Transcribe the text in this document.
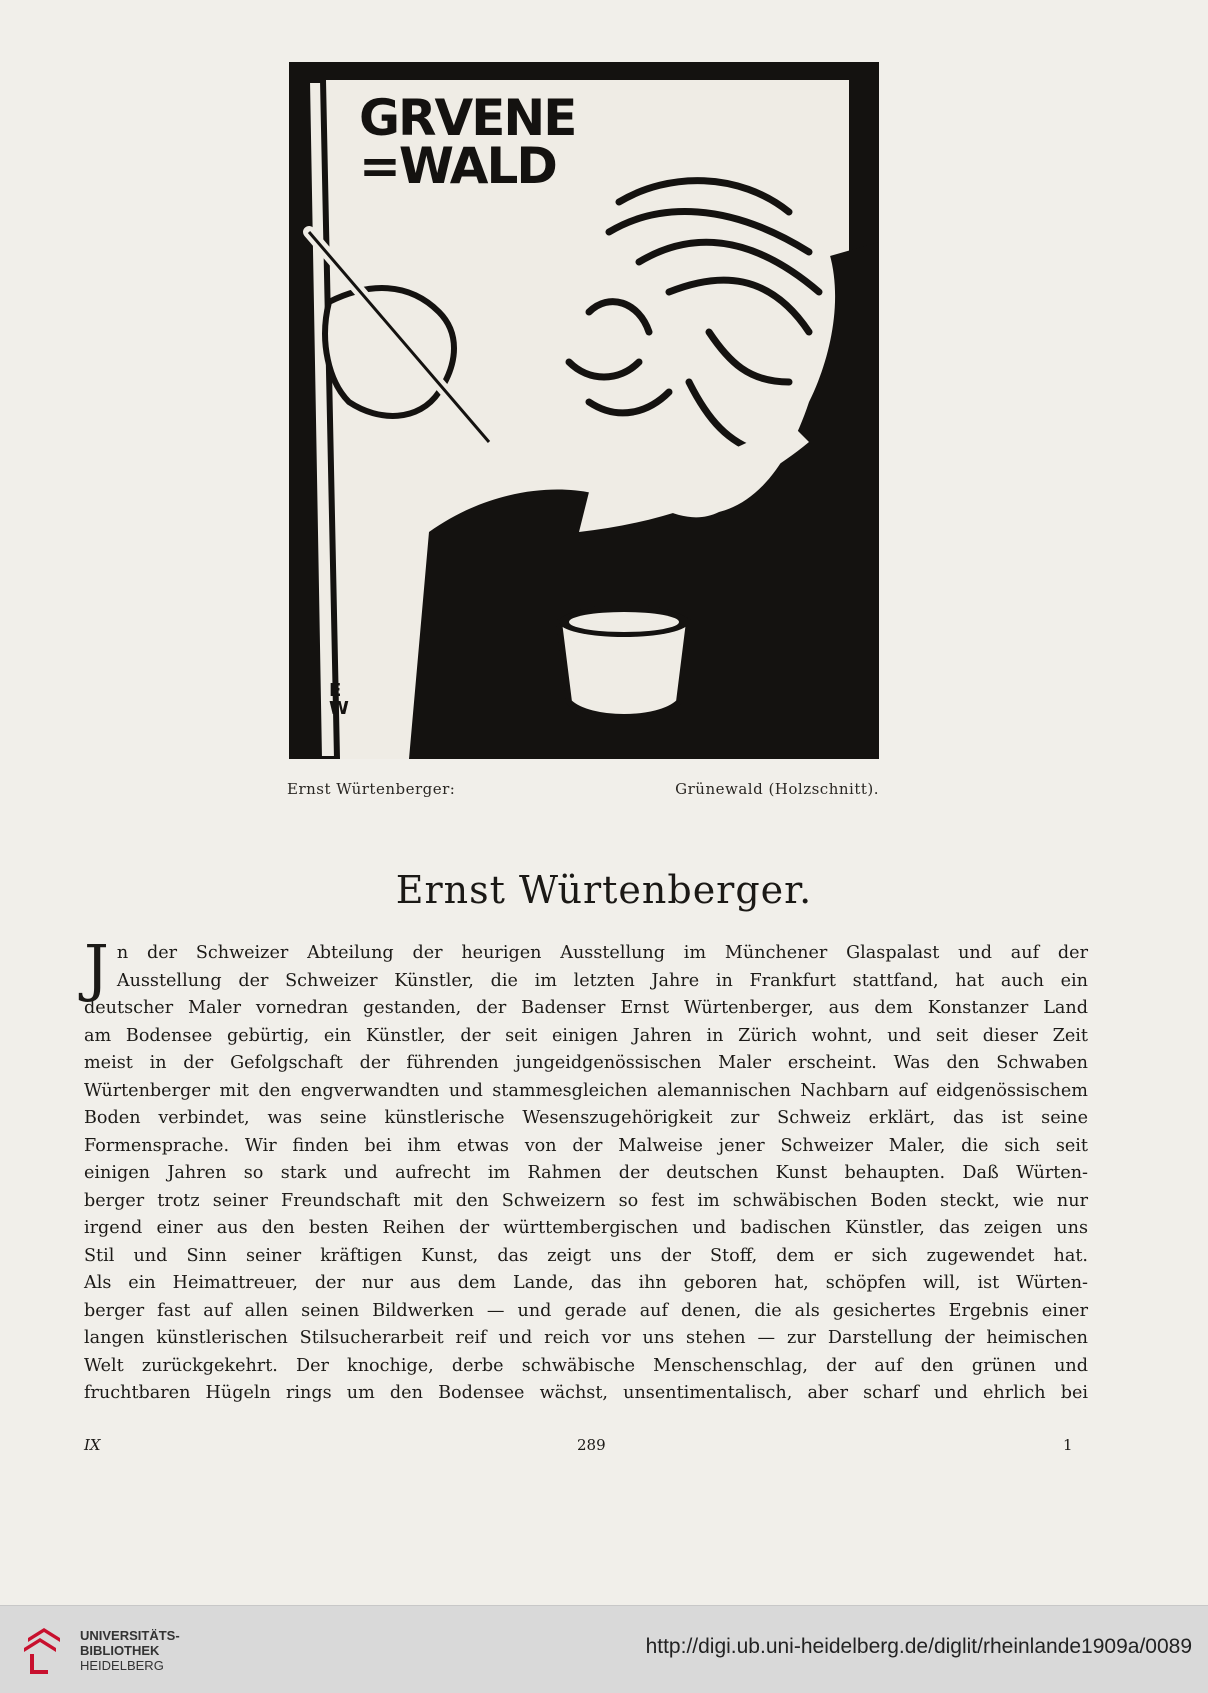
GRVENE
=WALD
E
W
Ernst Würtenberger:	Grünewald (Holzschnitt).
Ernst Würtenberger.
J n der Schweizer Abteilung der heurigen Ausstellung im Münchener Glaspalast und auf der
Ausstellung der Schweizer Künstler, die im letzten Jahre in Frankfurt stattfand, hat auch ein
deutscher Maler vornedran gestanden, der Badenser Ernst Würtenberger, aus dem Konstanzer Land
am Bodensee gebürtig, ein Künstler, der seit einigen Jahren in Zürich wohnt, und seit dieser Zeit
meist in der Gefolgschaft der führenden jungeidgenössischen Maler erscheint. Was den Schwaben
Würtenberger mit den engverwandten und stammesgleichen alemannischen Nachbarn auf eidgenössischem
Boden verbindet, was seine künstlerische Wesenszugehörigkeit zur Schweiz erklärt, das ist seine
Formensprache. Wir finden bei ihm etwas von der Malweise jener Schweizer Maler, die sich seit
einigen Jahren so stark und aufrecht im Rahmen der deutschen Kunst behaupten. Daß Würten-
berger trotz seiner Freundschaft mit den Schweizern so fest im schwäbischen Boden steckt, wie nur
irgend einer aus den besten Reihen der württembergischen und badischen Künstler, das zeigen uns
Stil und Sinn seiner kräftigen Kunst, das zeigt uns der Stoff, dem er sich zugewendet hat.
Als ein Heimattreuer, der nur aus dem Lande, das ihn geboren hat, schöpfen will, ist Würten-
berger fast auf allen seinen Bildwerken — und gerade auf denen, die als gesichertes Ergebnis einer
langen künstlerischen Stilsucherarbeit reif und reich vor uns stehen — zur Darstellung der heimischen
Welt zurückgekehrt. Der knochige, derbe schwäbische Menschenschlag, der auf den grünen und
fruchtbaren Hügeln rings um den Bodensee wächst, unsentimentalisch, aber scharf und ehrlich bei
IX	289	1
UNIVERSITÄTS-
BIBLIOTHEK
HEIDELBERG
http://digi.ub.uni-heidelberg.de/diglit/rheinlande1909a/0089
